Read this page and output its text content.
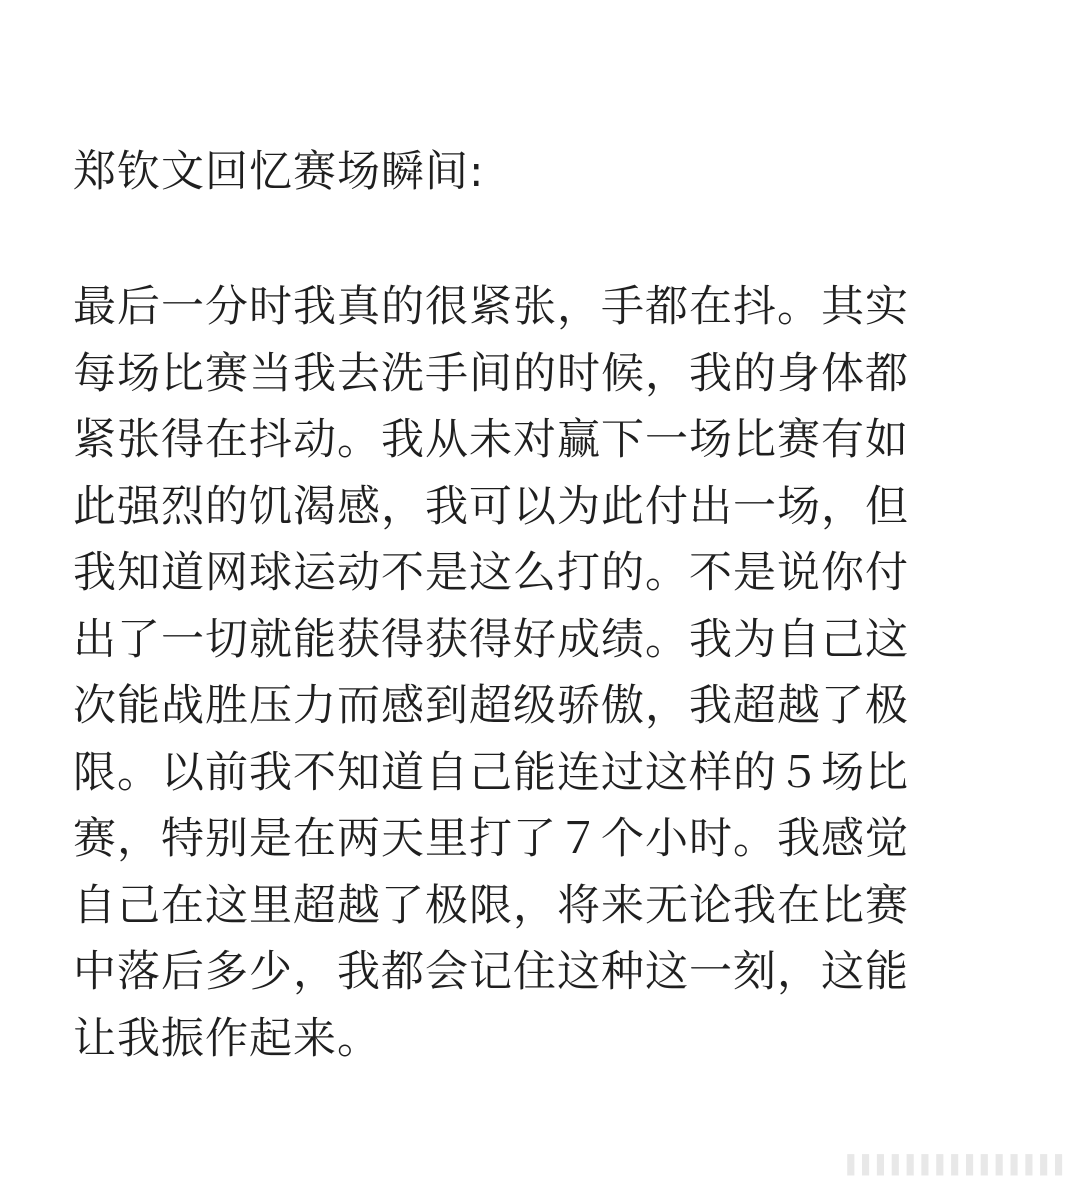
郑钦文回忆赛场瞬间:
最后一分时我真的很紧张，手都在抖。其实
每场比赛当我去洗手间的时候，我的身体都
紧张得在抖动。我从未对赢下一场比赛有如
此强烈的饥渴感，我可以为此付出一场，但
我知道网球运动不是这么打的。不是说你付
出了一切就能获得获得好成绩。我为自己这
次能战胜压力而感到超级骄傲，我超越了极
限。以前我不知道自己能连过这样的５场比
赛，特别是在两天里打了７个小时。我感觉
自己在这里超越了极限，将来无论我在比赛
中落后多少，我都会记住这种这一刻，这能
让我振作起来。
▌▌▌▌▌▌▌▌▌▌▌▌▌▌▌
